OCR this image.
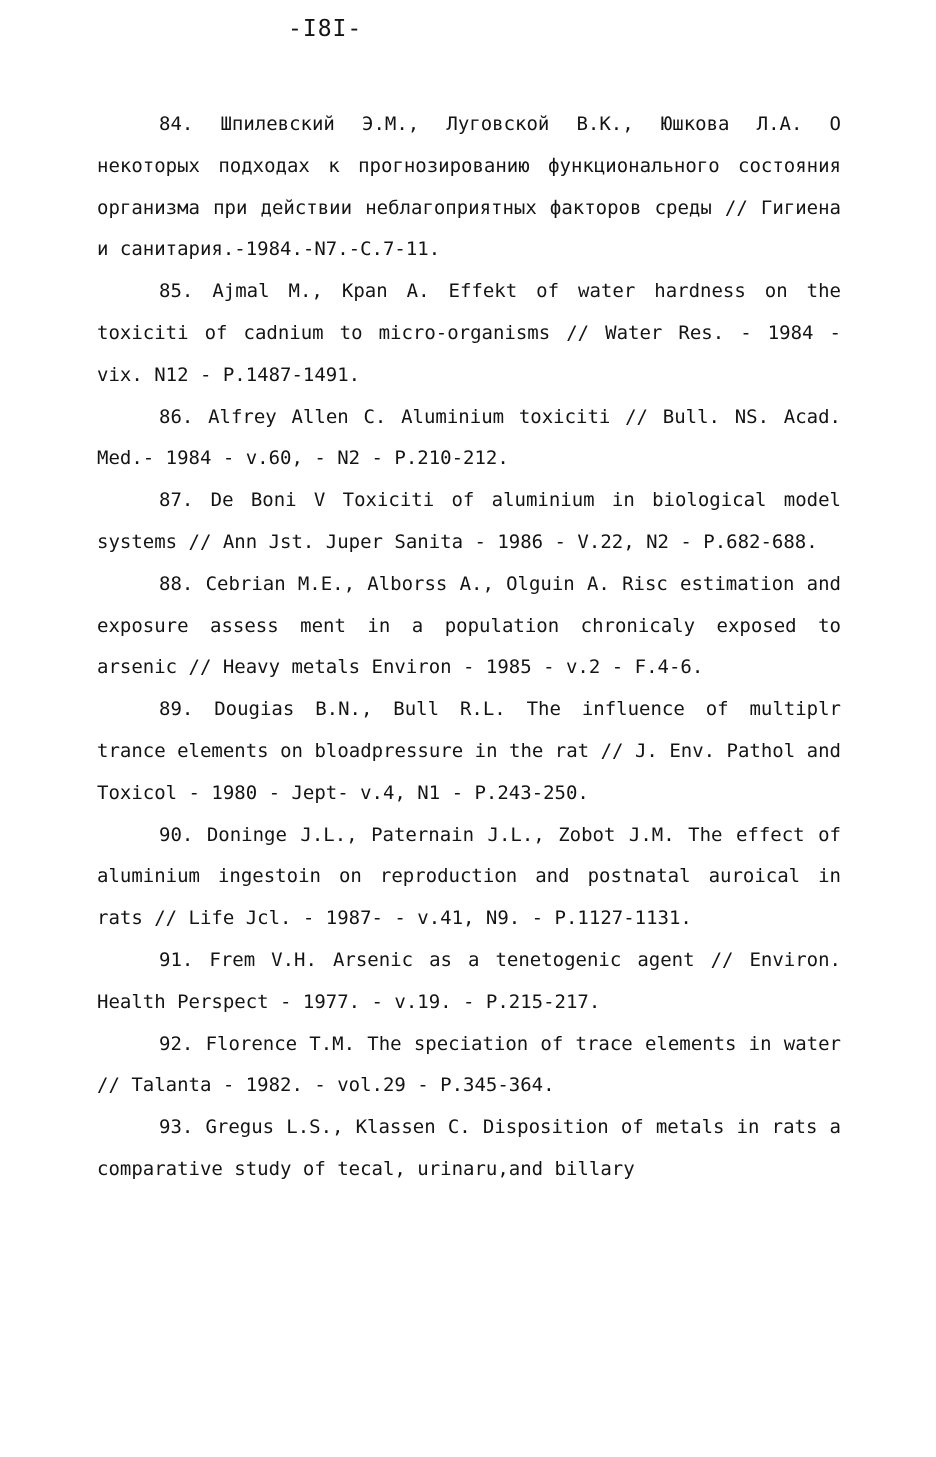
-I8I-

84. Шпилевский Э.М., Луговской В.К., Юшкова Л.А. О некоторых подходах к прогнозированию функционального состояния организма при действии неблагоприятных факторов среды // Гигиена и санитария.-1984.-N7.-С.7-11.

85. Ajmal M., Kpan A. Effekt of water hardness on the toxiciti of cadnium to micro-organisms // Water Res. - 1984 - vix. N12 - P.1487-1491.

86. Alfrey Allen C. Aluminium toxiciti // Bull. NS. Acad. Med.- 1984 - v.60, - N2 - P.210-212.

87. De Boni V Toxiciti of aluminium in biological model systems // Ann Jst. Juper Sanita - 1986 - V.22, N2 - P.682-688.

88. Cebrian M.E., Alborss A., Olguin A. Risc estimation and exposure assess ment in a population chronicaly exposed to arsenic // Heavy metals Environ - 1985 - v.2 - F.4-6.

89. Dougias B.N., Bull R.L. The influence of multiplr trance elements on bloadpressure in the rat // J. Env. Pathol and Toxicol - 1980 - Jept- v.4, N1 - P.243-250.

90. Doninge J.L., Paternain J.L., Zobot J.M. The effect of aluminium ingestoin on reproduction and postnatal auroical in rats // Life Jcl. - 1987- - v.41, N9. - P.1127-1131.

91. Frem V.H. Arsenic as a tenetogenic agent // Environ. Health Perspect - 1977. - v.19. - P.215-217.

92. Florence T.M. The speciation of trace elements in water // Talanta - 1982. - vol.29 - P.345-364.

93. Gregus L.S., Klassen C. Disposition of metals in rats a comparative study of tecal, urinaru,and billary
